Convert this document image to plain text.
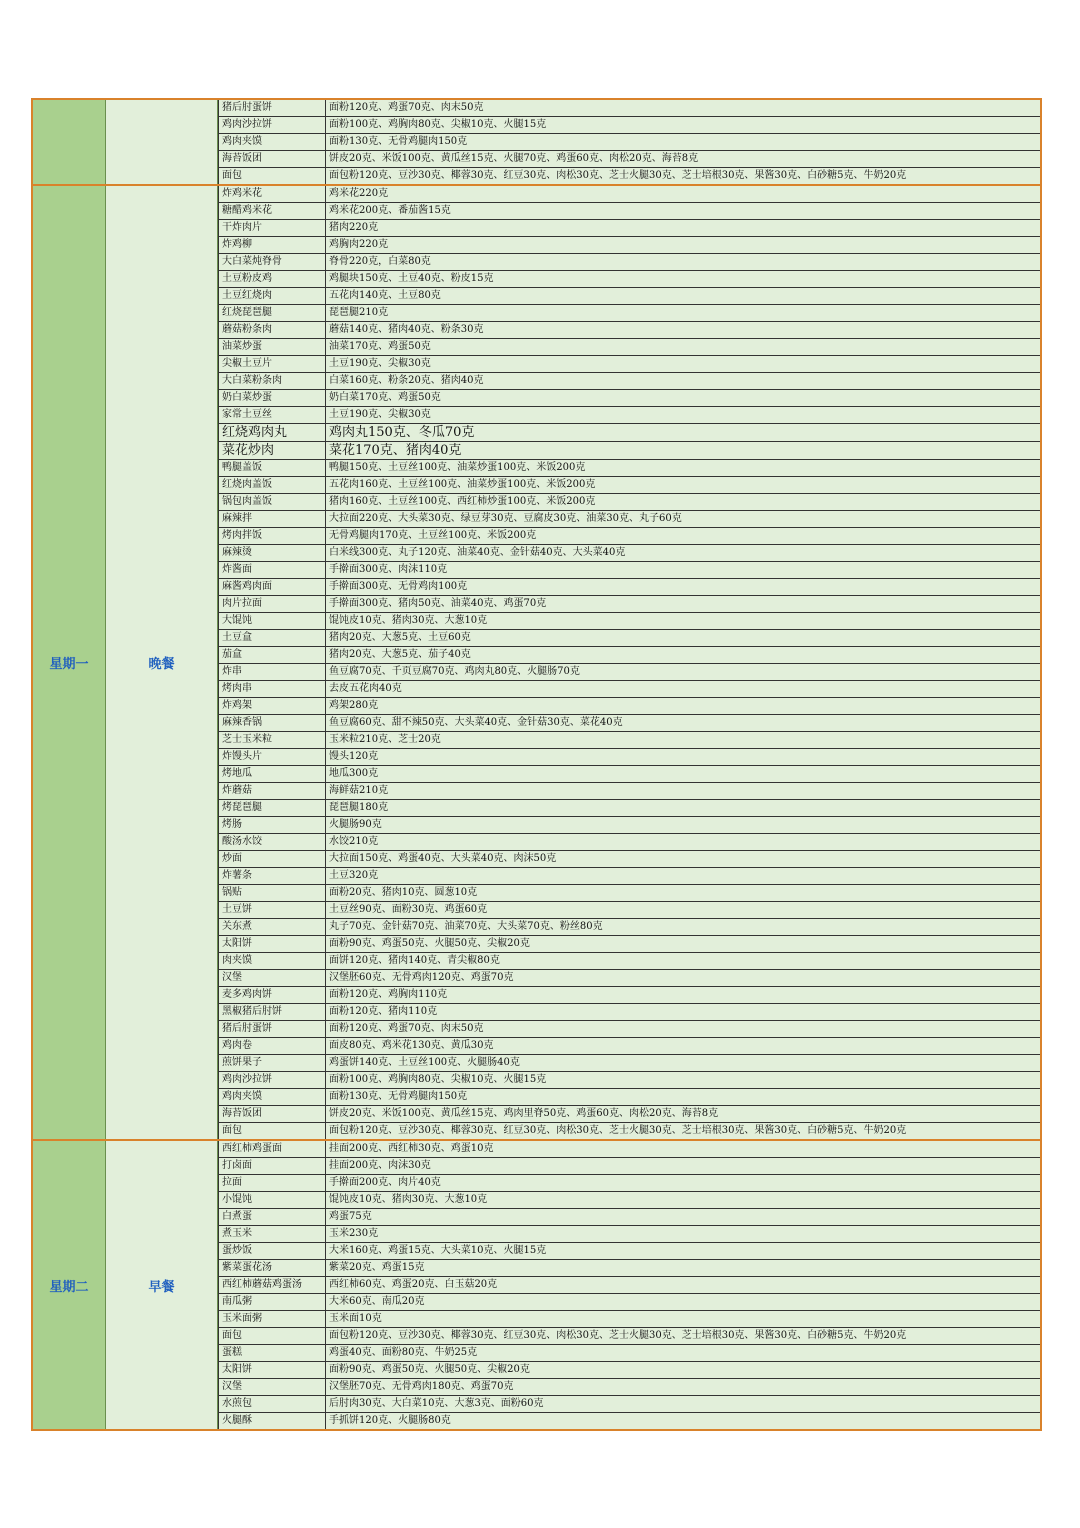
猪后肘蛋饼	面粉120克、鸡蛋70克、肉末50克
鸡肉沙拉饼	面粉100克、鸡胸肉80克、尖椒10克、火腿15克
鸡肉夹馍	面粉130克、无骨鸡腿肉150克
海苔饭团	饼皮20克、米饭100克、黄瓜丝15克、火腿70克、鸡蛋60克、肉松20克、海苔8克
面包	面包粉120克、豆沙30克、椰蓉30克、红豆30克、肉松30克、芝士火腿30克、芝士培根30克、果酱30克、白砂糖5克、牛奶20克
星期一	晚餐
炸鸡米花	鸡米花220克
糖醋鸡米花	鸡米花200克、番茄酱15克
干炸肉片	猪肉220克
炸鸡柳	鸡胸肉220克
大白菜炖脊骨	脊骨220克，白菜80克
土豆粉皮鸡	鸡腿块150克、土豆40克、粉皮15克
土豆红烧肉	五花肉140克、土豆80克
红烧琵琶腿	琵琶腿210克
蘑菇粉条肉	蘑菇140克、猪肉40克、粉条30克
油菜炒蛋	油菜170克、鸡蛋50克
尖椒土豆片	土豆190克、尖椒30克
大白菜粉条肉	白菜160克、粉条20克、猪肉40克
奶白菜炒蛋	奶白菜170克、鸡蛋50克
家常土豆丝	土豆190克、尖椒30克
红烧鸡肉丸	鸡肉丸150克、冬瓜70克
菜花炒肉	菜花170克、猪肉40克
鸭腿盖饭	鸭腿150克、土豆丝100克、油菜炒蛋100克、米饭200克
红烧肉盖饭	五花肉160克、土豆丝100克、油菜炒蛋100克、米饭200克
锅包肉盖饭	猪肉160克、土豆丝100克、西红柿炒蛋100克、米饭200克
麻辣拌	大拉面220克、大头菜30克、绿豆芽30克、豆腐皮30克、油菜30克、丸子60克
烤肉拌饭	无骨鸡腿肉170克、土豆丝100克、米饭200克
麻辣烫	白米线300克、丸子120克、油菜40克、金针菇40克、大头菜40克
炸酱面	手擀面300克、肉沫110克
麻酱鸡肉面	手擀面300克、无骨鸡肉100克
肉片拉面	手擀面300克、猪肉50克、油菜40克、鸡蛋70克
大馄饨	馄饨皮10克、猪肉30克、大葱10克
土豆盒	猪肉20克、大葱5克、土豆60克
茄盒	猪肉20克、大葱5克、茄子40克
炸串	鱼豆腐70克、千页豆腐70克、鸡肉丸80克、火腿肠70克
烤肉串	去皮五花肉40克
炸鸡架	鸡架280克
麻辣香锅	鱼豆腐60克、甜不辣50克、大头菜40克、金针菇30克、菜花40克
芝士玉米粒	玉米粒210克、芝士20克
炸馒头片	馒头120克
烤地瓜	地瓜300克
炸蘑菇	海鲜菇210克
烤琵琶腿	琵琶腿180克
烤肠	火腿肠90克
酸汤水饺	水饺210克
炒面	大拉面150克、鸡蛋40克、大头菜40克、肉沫50克
炸薯条	土豆320克
锅贴	面粉20克、猪肉10克、圆葱10克
土豆饼	土豆丝90克、面粉30克、鸡蛋60克
关东煮	丸子70克、金针菇70克、油菜70克、大头菜70克、粉丝80克
太阳饼	面粉90克、鸡蛋50克、火腿50克、尖椒20克
肉夹馍	面饼120克、猪肉140克、青尖椒80克
汉堡	汉堡胚60克、无骨鸡肉120克、鸡蛋70克
麦多鸡肉饼	面粉120克、鸡胸肉110克
黑椒猪后肘饼	面粉120克、猪肉110克
猪后肘蛋饼	面粉120克、鸡蛋70克、肉末50克
鸡肉卷	面皮80克、鸡米花130克、黄瓜30克
煎饼果子	鸡蛋饼140克、土豆丝100克、火腿肠40克
鸡肉沙拉饼	面粉100克、鸡胸肉80克、尖椒10克、火腿15克
鸡肉夹馍	面粉130克、无骨鸡腿肉150克
海苔饭团	饼皮20克、米饭100克、黄瓜丝15克、鸡肉里脊50克、鸡蛋60克、肉松20克、海苔8克
面包	面包粉120克、豆沙30克、椰蓉30克、红豆30克、肉松30克、芝士火腿30克、芝士培根30克、果酱30克、白砂糖5克、牛奶20克
星期二	早餐
西红柿鸡蛋面	挂面200克、西红柿30克、鸡蛋10克
打卤面	挂面200克、肉沫30克
拉面	手擀面200克、肉片40克
小馄饨	馄饨皮10克、猪肉30克、大葱10克
白煮蛋	鸡蛋75克
煮玉米	玉米230克
蛋炒饭	大米160克、鸡蛋15克、大头菜10克、火腿15克
紫菜蛋花汤	紫菜20克、鸡蛋15克
西红柿蘑菇鸡蛋汤	西红柿60克、鸡蛋20克、白玉菇20克
南瓜粥	大米60克、南瓜20克
玉米面粥	玉米面10克
面包	面包粉120克、豆沙30克、椰蓉30克、红豆30克、肉松30克、芝士火腿30克、芝士培根30克、果酱30克、白砂糖5克、牛奶20克
蛋糕	鸡蛋40克、面粉80克、牛奶25克
太阳饼	面粉90克、鸡蛋50克、火腿50克、尖椒20克
汉堡	汉堡胚70克、无骨鸡肉180克、鸡蛋70克
水煎包	后肘肉30克、大白菜10克、大葱3克、面粉60克
火腿酥	手抓饼120克、火腿肠80克
